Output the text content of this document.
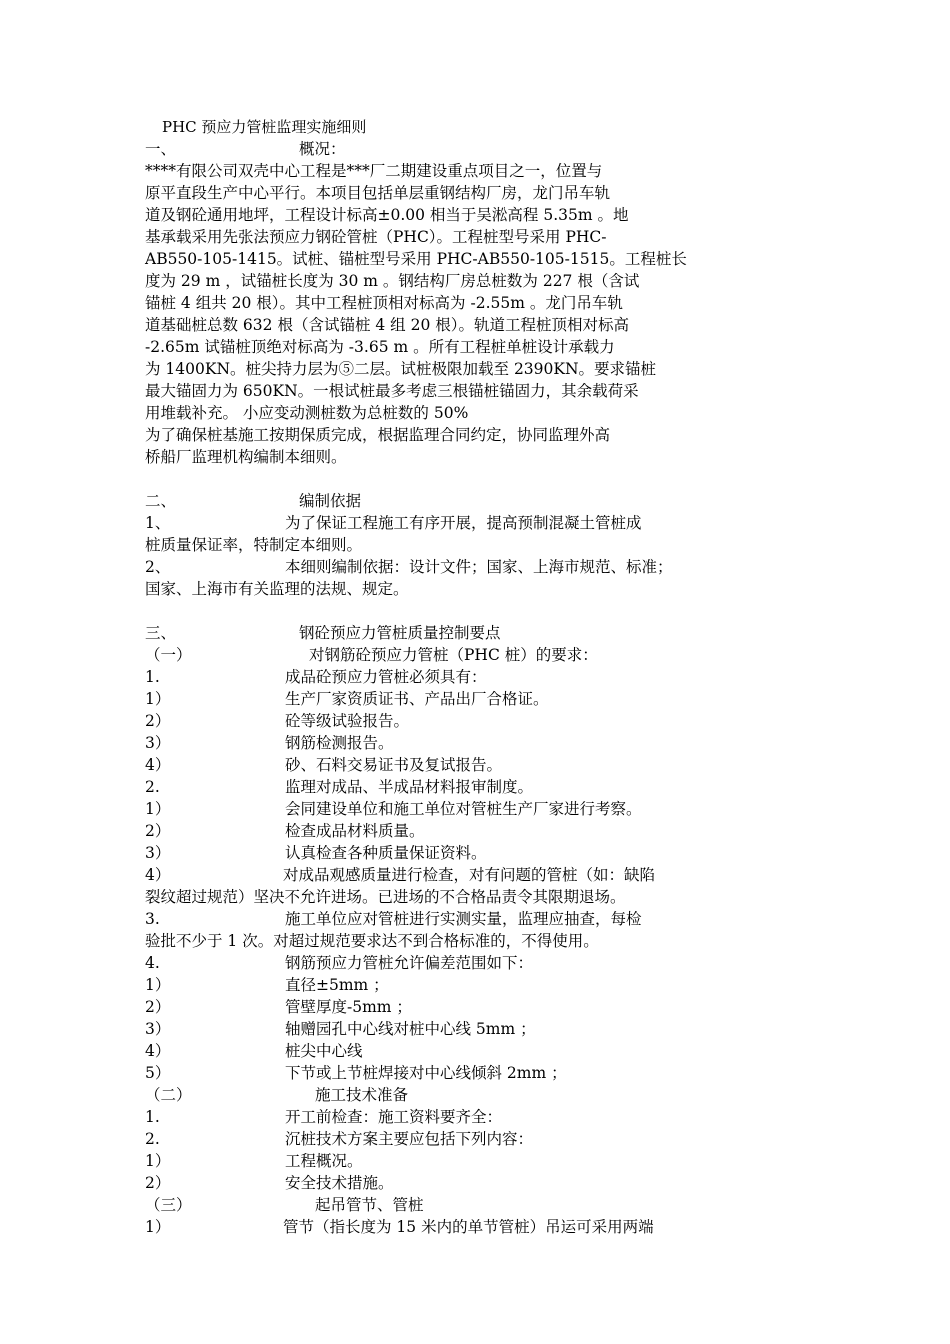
PHC 预应力管桩监理实施细则
一、	概况：
****有限公司双壳中心工程是***厂二期建设重点项目之一，位置与
原平直段生产中心平行。本项目包括单层重钢结构厂房，龙门吊车轨
道及钢砼通用地坪，工程设计标高±0.00 相当于吴淞高程 5.35m 。地
基承载采用先张法预应力钢砼管桩（PHC）。工程桩型号采用 PHC-
AB550-105-1415。试桩、锚桩型号采用 PHC-AB550-105-1515。工程桩长
度为 29 m ，试锚桩长度为 30 m 。钢结构厂房总桩数为 227 根（含试
锚桩 4 组共 20 根）。其中工程桩顶相对标高为 -2.55m 。龙门吊车轨
道基础桩总数 632 根（含试锚桩 4 组 20 根）。轨道工程桩顶相对标高
-2.65m 试锚桩顶绝对标高为 -3.65 m 。所有工程桩单桩设计承载力
为 1400KN。桩尖持力层为⑤二层。试桩极限加载至 2390KN。要求锚桩
最大锚固力为 650KN。一根试桩最多考虑三根锚桩锚固力，其余载荷采
用堆载补充。 小应变动测桩数为总桩数的 50%
为了确保桩基施工按期保质完成，根据监理合同约定，协同监理外高
桥船厂监理机构编制本细则。
二、	编制依据
1、	为了保证工程施工有序开展，提高预制混凝土管桩成
桩质量保证率，特制定本细则。
2、	本细则编制依据：设计文件；国家、上海市规范、标准；
国家、上海市有关监理的法规、规定。
三、	钢砼预应力管桩质量控制要点
（一）	对钢筋砼预应力管桩（PHC 桩）的要求：
1.	成品砼预应力管桩必须具有：
1）	生产厂家资质证书、产品出厂合格证。
2）	砼等级试验报告。
3）	钢筋检测报告。
4）	砂、石料交易证书及复试报告。
2.	监理对成品、半成品材料报审制度。
1）	会同建设单位和施工单位对管桩生产厂家进行考察。
2）	检查成品材料质量。
3）	认真检查各种质量保证资料。
4）	对成品观感质量进行检查，对有问题的管桩（如：缺陷
裂纹超过规范）坚决不允许进场。已进场的不合格品责令其限期退场。
3.	施工单位应对管桩进行实测实量，监理应抽查，每检
验批不少于 1 次。对超过规范要求达不到合格标准的，不得使用。
4.	钢筋预应力管桩允许偏差范围如下：
1）	直径±5mm ；
2）	管壁厚度-5mm ；
3）	轴赠园孔中心线对桩中心线 5mm ；
4）	桩尖中心线
5）	下节或上节桩焊接对中心线倾斜 2mm ；
（二）	施工技术准备
1.	开工前检查：施工资料要齐全：
2.	沉桩技术方案主要应包括下列内容：
1）	工程概况。
2）	安全技术措施。
（三）	起吊管节、管桩
1）	管节（指长度为 15 米内的单节管桩）吊运可采用两端
